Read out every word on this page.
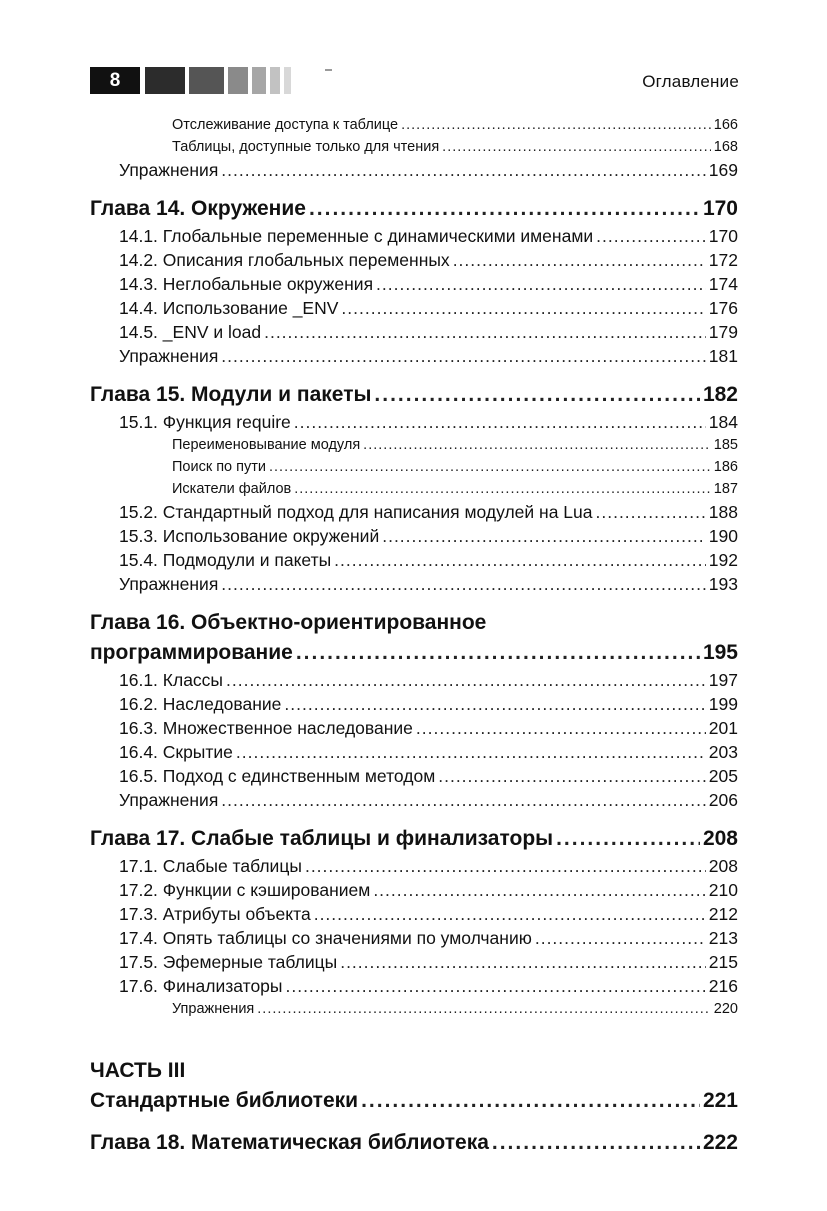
8	Оглавление
Отслеживание доступа к таблице .....	166
Таблицы, доступные только для чтения .....	168
Упражнения .....	169
Глава 14. Окружение .....	170
14.1. Глобальные переменные с динамическими именами .....	170
14.2. Описания глобальных переменных .....	172
14.3. Неглобальные окружения .....	174
14.4. Использование _ENV .....	176
14.5. _ENV и load .....	179
Упражнения .....	181
Глава 15. Модули и пакеты .....	182
15.1. Функция require .....	184
Переименовывание модуля .....	185
Поиск по пути .....	186
Искатели файлов .....	187
15.2. Стандартный подход для написания модулей на Lua .....	188
15.3. Использование окружений .....	190
15.4. Подмодули и пакеты .....	192
Упражнения .....	193
Глава 16. Объектно-ориентированное
программирование .....	195
16.1. Классы .....	197
16.2. Наследование .....	199
16.3. Множественное наследование .....	201
16.4. Скрытие .....	203
16.5. Подход с единственным методом .....	205
Упражнения .....	206
Глава 17. Слабые таблицы и финализаторы .....	208
17.1. Слабые таблицы .....	208
17.2. Функции с кэшированием .....	210
17.3. Атрибуты объекта .....	212
17.4. Опять таблицы со значениями по умолчанию .....	213
17.5. Эфемерные таблицы .....	215
17.6. Финализаторы .....	216
Упражнения .....	220
ЧАСТЬ III
Стандартные библиотеки .....	221
Глава 18. Математическая библиотека .....	222
